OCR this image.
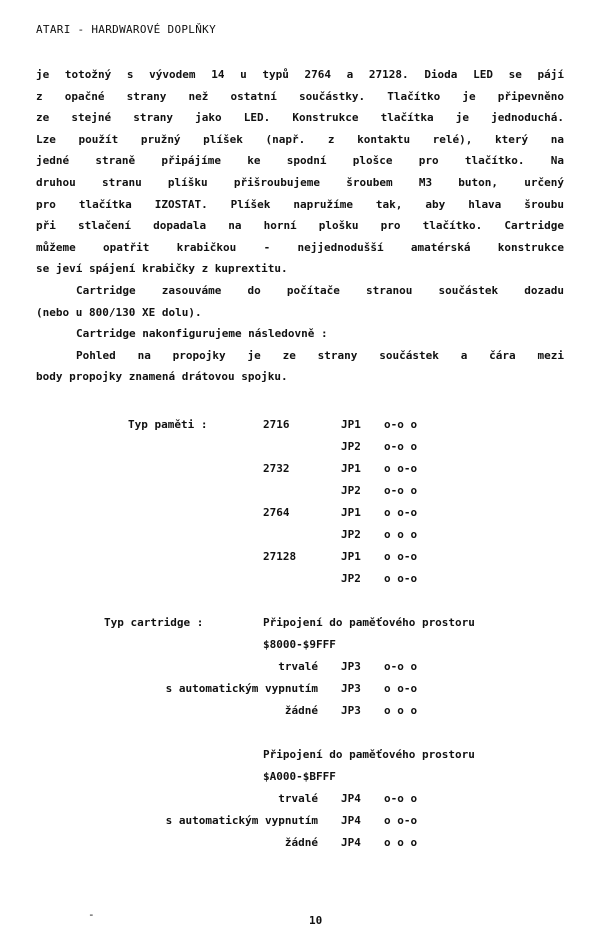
ATARI - HARDWAROVÉ DOPLŇKY
je totožný s vývodem 14 u typů 2764 a 27128. Dioda LED se pájí
z opačné strany než ostatní součástky. Tlačítko je připevněno
ze stejné strany jako LED. Konstrukce tlačítka je jednoduchá.
Lze použít pružný plíšek (např. z kontaktu relé), který na
jedné straně připájíme ke spodní plošce pro tlačítko. Na
druhou stranu plíšku přišroubujeme šroubem M3 buton, určený
pro tlačítka IZOSTAT. Plíšek napružíme tak, aby hlava šroubu
při stlačení dopadala na horní plošku pro tlačítko. Cartridge
můžeme opatřit krabičkou - nejjednodušší amatérská konstrukce
se jeví spájení krabičky z kuprextitu.
Cartridge zasouváme do počítače stranou součástek dozadu
(nebo u 800/130 XE dolu).
Cartridge nakonfigurujeme následovně :
Pohled na propojky je ze strany součástek a čára mezi
body propojky znamená drátovou spojku.
Typ paměti :	2716	JP1 o-o o
JP2 o-o o
2732	JP1 o o-o
JP2 o-o o
2764	JP1 o o-o
JP2 o o o
27128	JP1 o o-o
JP2 o o-o
Typ cartridge :	Připojení do paměťového prostoru
$8000-$9FFF
trvalé JP3 o-o o
s automatickým vypnutím JP3 o o-o
žádné JP3 o o o
Připojení do paměťového prostoru
$A000-$BFFF
trvalé JP4 o-o o
s automatickým vypnutím JP4 o o-o
žádné JP4 o o o
-	10
